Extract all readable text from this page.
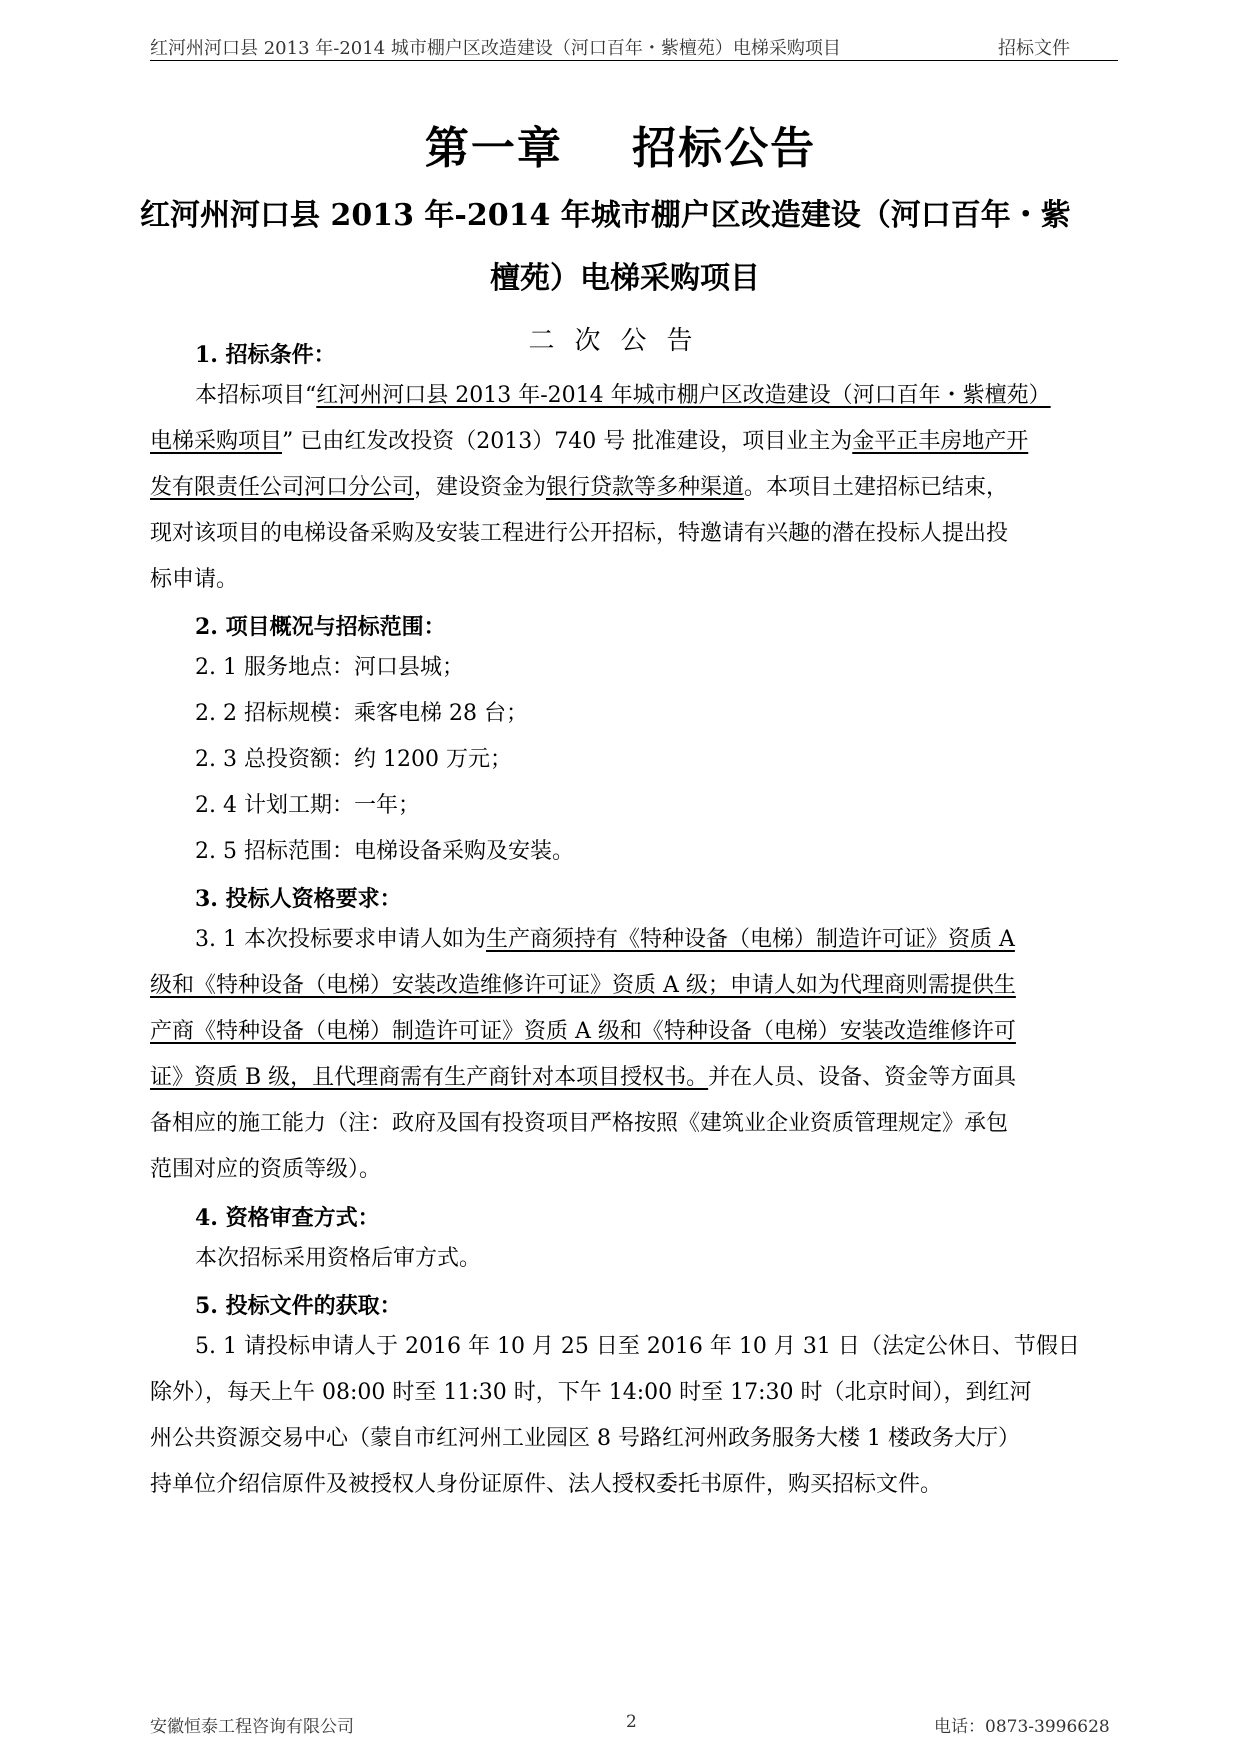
红河州河口县 2013 年-2014 城市棚户区改造建设（河口百年・紫檀苑）电梯采购项目	招标文件
第一章    招标公告
红河州河口县 2013 年-2014 年城市棚户区改造建设（河口百年・紫
檀苑）电梯采购项目
二次公告
1. 招标条件：
本招标项目“红河州河口县 2013 年-2014 年城市棚户区改造建设（河口百年・紫檀苑）
电梯采购项目” 已由红发改投资（2013）740 号 批准建设，项目业主为金平正丰房地产开
发有限责任公司河口分公司，建设资金为银行贷款等多种渠道。本项目土建招标已结束，
现对该项目的电梯设备采购及安装工程进行公开招标，特邀请有兴趣的潜在投标人提出投
标申请。
2. 项目概况与招标范围：
2. 1 服务地点：河口县城；
2. 2 招标规模：乘客电梯 28 台；
2. 3 总投资额：约 1200 万元；
2. 4 计划工期：一年；
2. 5 招标范围：电梯设备采购及安装。
3. 投标人资格要求：
3. 1 本次投标要求申请人如为生产商须持有《特种设备（电梯）制造许可证》资质 A
级和《特种设备（电梯）安装改造维修许可证》资质 A 级；申请人如为代理商则需提供生
产商《特种设备（电梯）制造许可证》资质 A 级和《特种设备（电梯）安装改造维修许可
证》资质 B 级，且代理商需有生产商针对本项目授权书。并在人员、设备、资金等方面具
备相应的施工能力（注：政府及国有投资项目严格按照《建筑业企业资质管理规定》承包
范围对应的资质等级）。
4. 资格审查方式：
本次招标采用资格后审方式。
5. 投标文件的获取：
5. 1 请投标申请人于 2016 年 10 月 25 日至 2016 年 10 月 31 日（法定公休日、节假日
除外），每天上午 08:00 时至 11:30 时，下午 14:00 时至 17:30 时（北京时间），到红河
州公共资源交易中心（蒙自市红河州工业园区 8 号路红河州政务服务大楼 1 楼政务大厅）
持单位介绍信原件及被授权人身份证原件、法人授权委托书原件，购买招标文件。
安徽恒泰工程咨询有限公司	2	电话：0873-3996628
